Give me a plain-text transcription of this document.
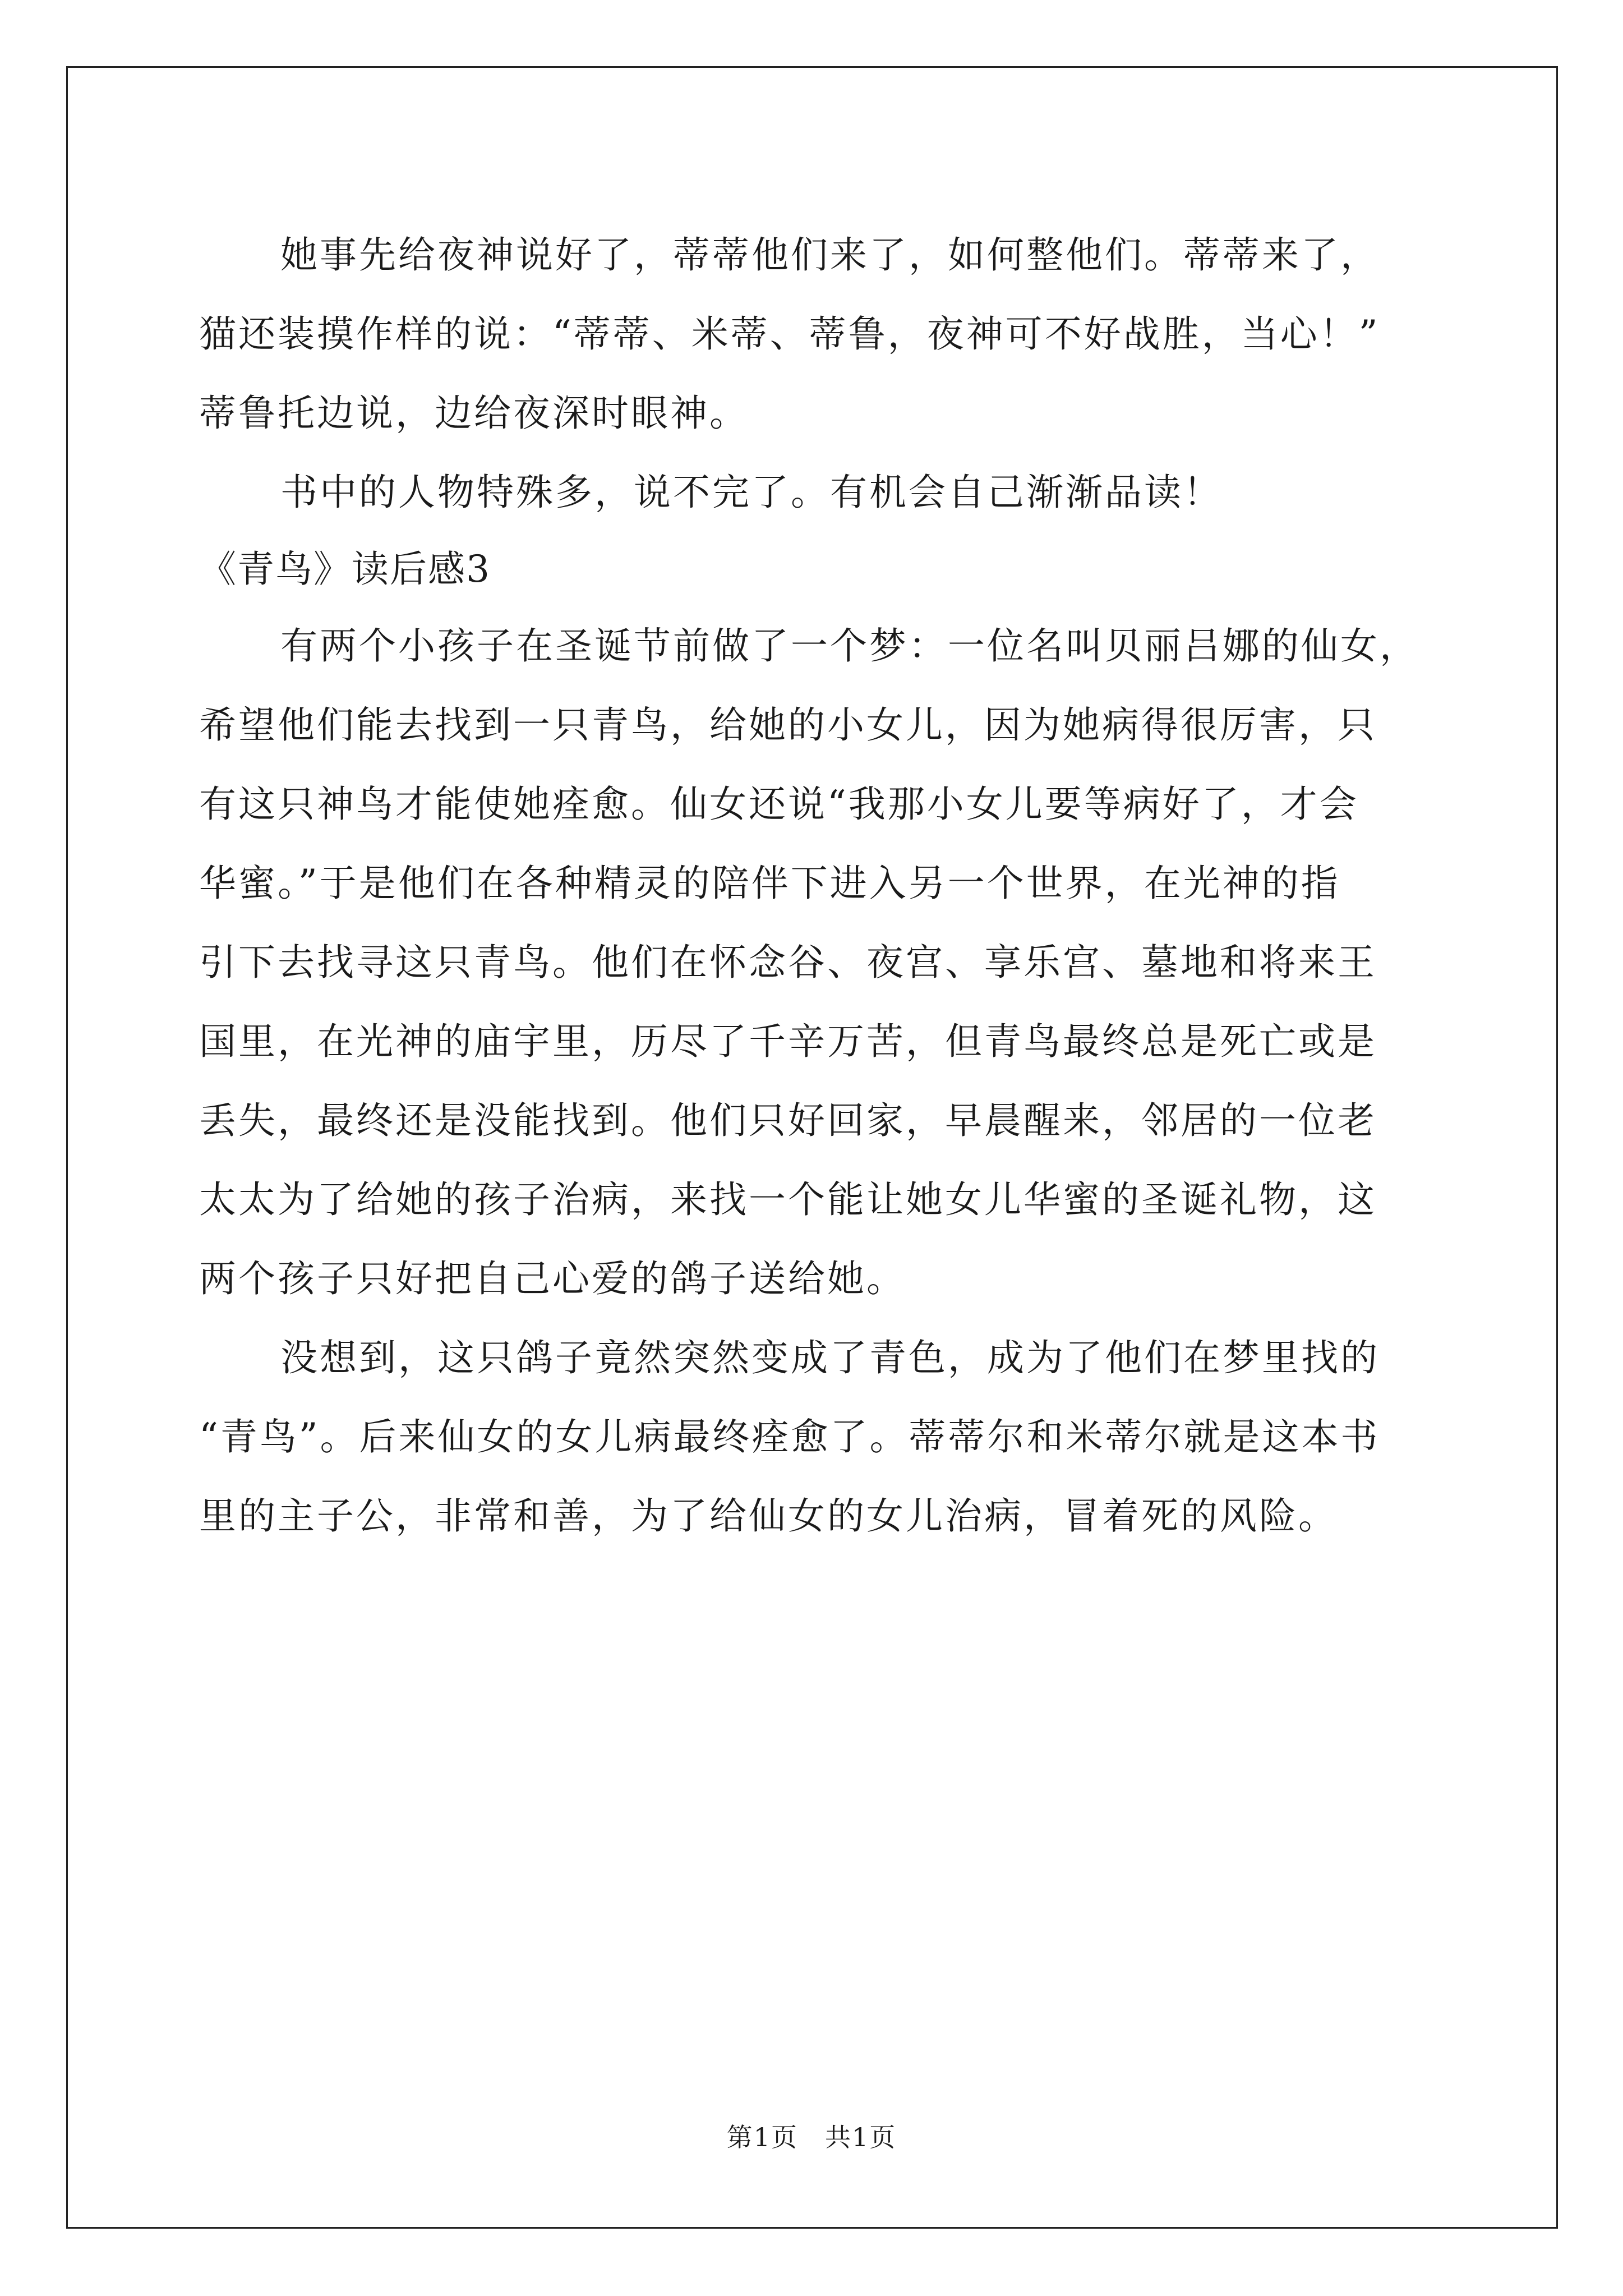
她事先给夜神说好了，蒂蒂他们来了，如何整他们。蒂蒂来了，
猫还装摸作样的说：“蒂蒂、米蒂、蒂鲁，夜神可不好战胜，当心！”
蒂鲁托边说，边给夜深时眼神。
书中的人物特殊多，说不完了。有机会自己渐渐品读！
《青鸟》读后感3
有两个小孩子在圣诞节前做了一个梦：一位名叫贝丽吕娜的仙女，
希望他们能去找到一只青鸟，给她的小女儿，因为她病得很厉害，只
有这只神鸟才能使她痊愈。仙女还说“我那小女儿要等病好了，才会
华蜜。”于是他们在各种精灵的陪伴下进入另一个世界，在光神的指
引下去找寻这只青鸟。他们在怀念谷、夜宫、享乐宫、墓地和将来王
国里，在光神的庙宇里，历尽了千辛万苦，但青鸟最终总是死亡或是
丢失，最终还是没能找到。他们只好回家，早晨醒来，邻居的一位老
太太为了给她的孩子治病，来找一个能让她女儿华蜜的圣诞礼物，这
两个孩子只好把自己心爱的鸽子送给她。
没想到，这只鸽子竟然突然变成了青色，成为了他们在梦里找的
“青鸟”。后来仙女的女儿病最终痊愈了。蒂蒂尔和米蒂尔就是这本书
里的主子公，非常和善，为了给仙女的女儿治病，冒着死的风险。
第1页　共1页
